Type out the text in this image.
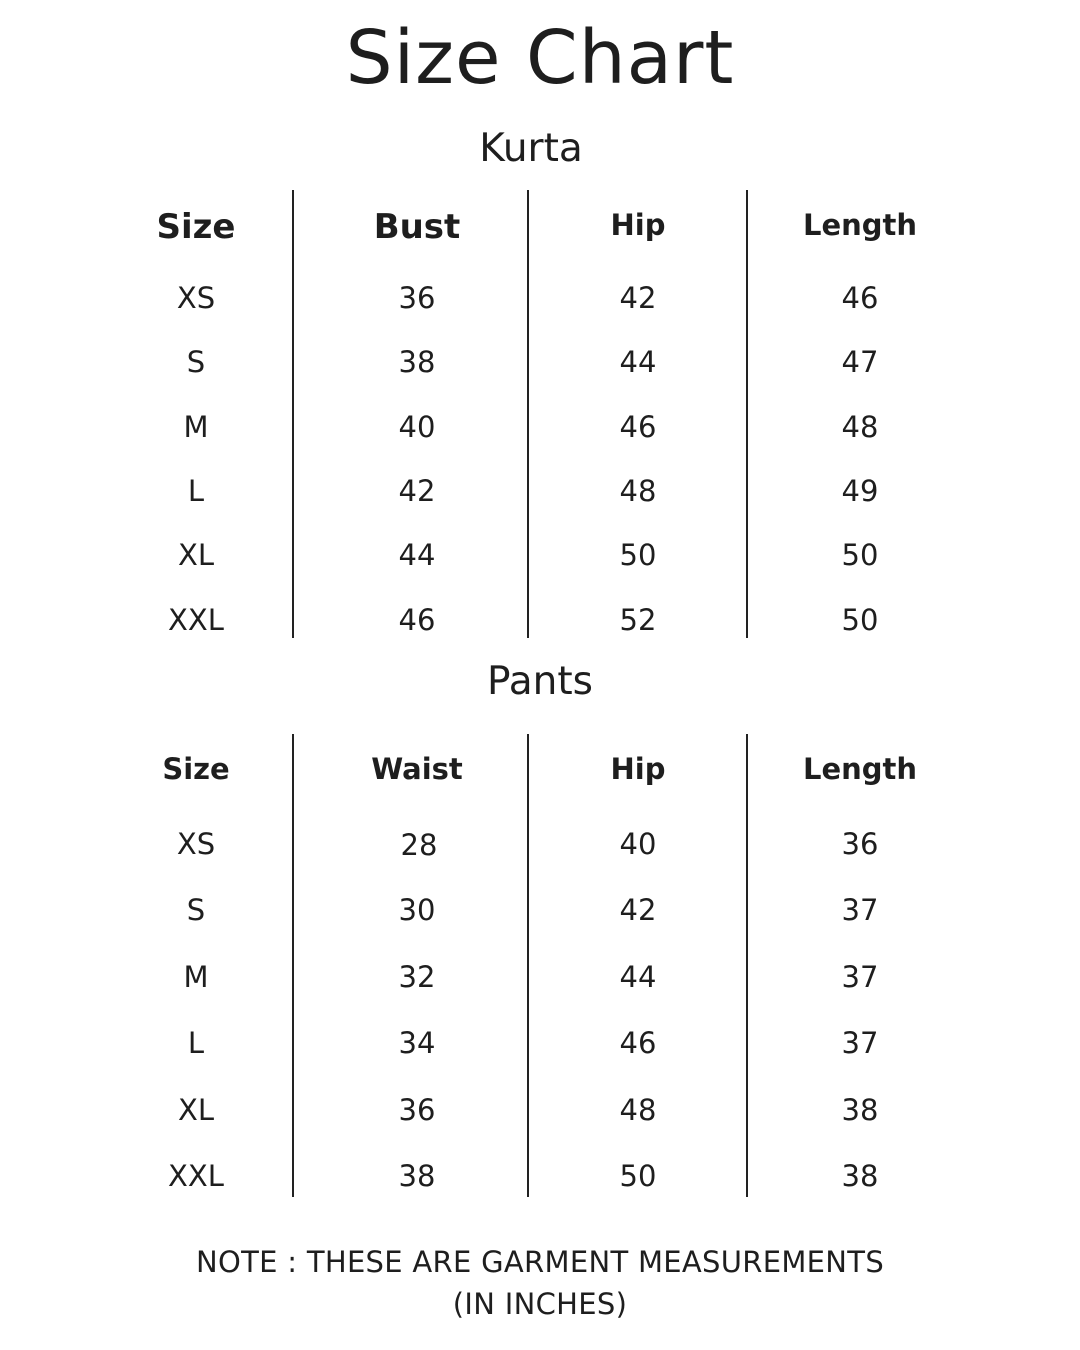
Size Chart
Kurta
Size	Bust	Hip	Length
XS	36	42	46
S	38	44	47
M	40	46	48
L	42	48	49
XL	44	50	50
XXL	46	52	50
Pants
Size	Waist	Hip	Length
XS	28	40	36
S	30	42	37
M	32	44	37
L	34	46	37
XL	36	48	38
XXL	38	50	38
NOTE : THESE ARE GARMENT MEASUREMENTS
(IN INCHES)
